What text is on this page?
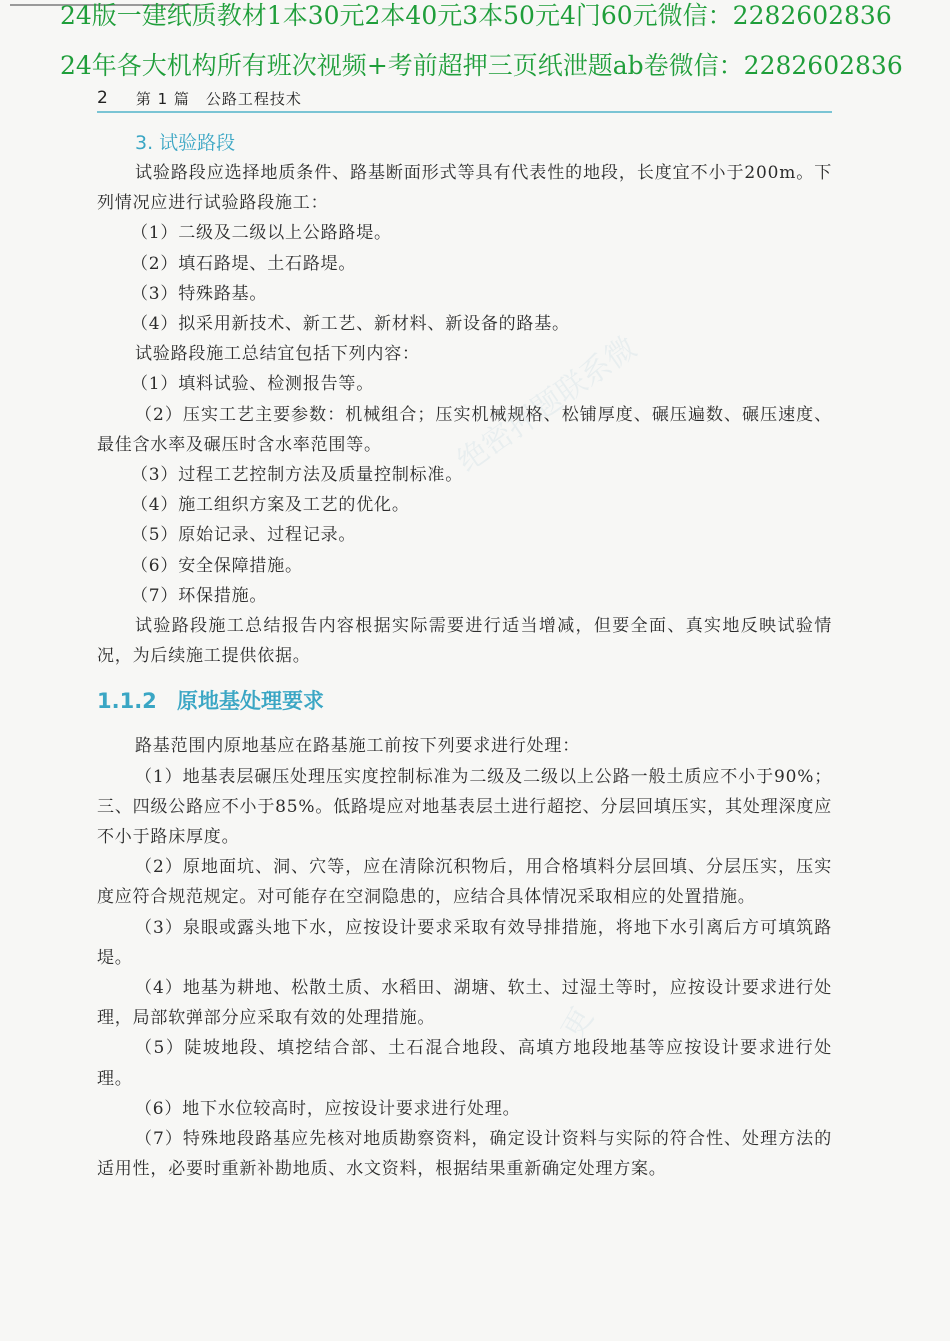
24版一建纸质教材1本30元2本40元3本50元4门60元微信：2282602836
24年各大机构所有班次视频+考前超押三页纸泄题ab卷微信：2282602836
2 第 1 篇　公路工程技术
绝密押题联系微
更
3. 试验路段

试验路段应选择地质条件、路基断面形式等具有代表性的地段，长度宜不小于200m。下列情况应进行试验路段施工：

（1）二级及二级以上公路路堤。

（2）填石路堤、土石路堤。

（3）特殊路基。

（4）拟采用新技术、新工艺、新材料、新设备的路基。

试验路段施工总结宜包括下列内容：

（1）填料试验、检测报告等。

（2）压实工艺主要参数：机械组合；压实机械规格、松铺厚度、碾压遍数、碾压速度、最佳含水率及碾压时含水率范围等。

（3）过程工艺控制方法及质量控制标准。

（4）施工组织方案及工艺的优化。

（5）原始记录、过程记录。

（6）安全保障措施。

（7）环保措施。

试验路段施工总结报告内容根据实际需要进行适当增减，但要全面、真实地反映试验情况，为后续施工提供依据。

1.1.2 原地基处理要求

路基范围内原地基应在路基施工前按下列要求进行处理：

（1）地基表层碾压处理压实度控制标准为二级及二级以上公路一般土质应不小于90%；三、四级公路应不小于85%。低路堤应对地基表层土进行超挖、分层回填压实，其处理深度应不小于路床厚度。

（2）原地面坑、洞、穴等，应在清除沉积物后，用合格填料分层回填、分层压实，压实度应符合规范规定。对可能存在空洞隐患的，应结合具体情况采取相应的处置措施。

（3）泉眼或露头地下水，应按设计要求采取有效导排措施，将地下水引离后方可填筑路堤。

（4）地基为耕地、松散土质、水稻田、湖塘、软土、过湿土等时，应按设计要求进行处理，局部软弹部分应采取有效的处理措施。

（5）陡坡地段、填挖结合部、土石混合地段、高填方地段地基等应按设计要求进行处理。

（6）地下水位较高时，应按设计要求进行处理。

（7）特殊地段路基应先核对地质勘察资料，确定设计资料与实际的符合性、处理方法的适用性，必要时重新补勘地质、水文资料，根据结果重新确定处理方案。
